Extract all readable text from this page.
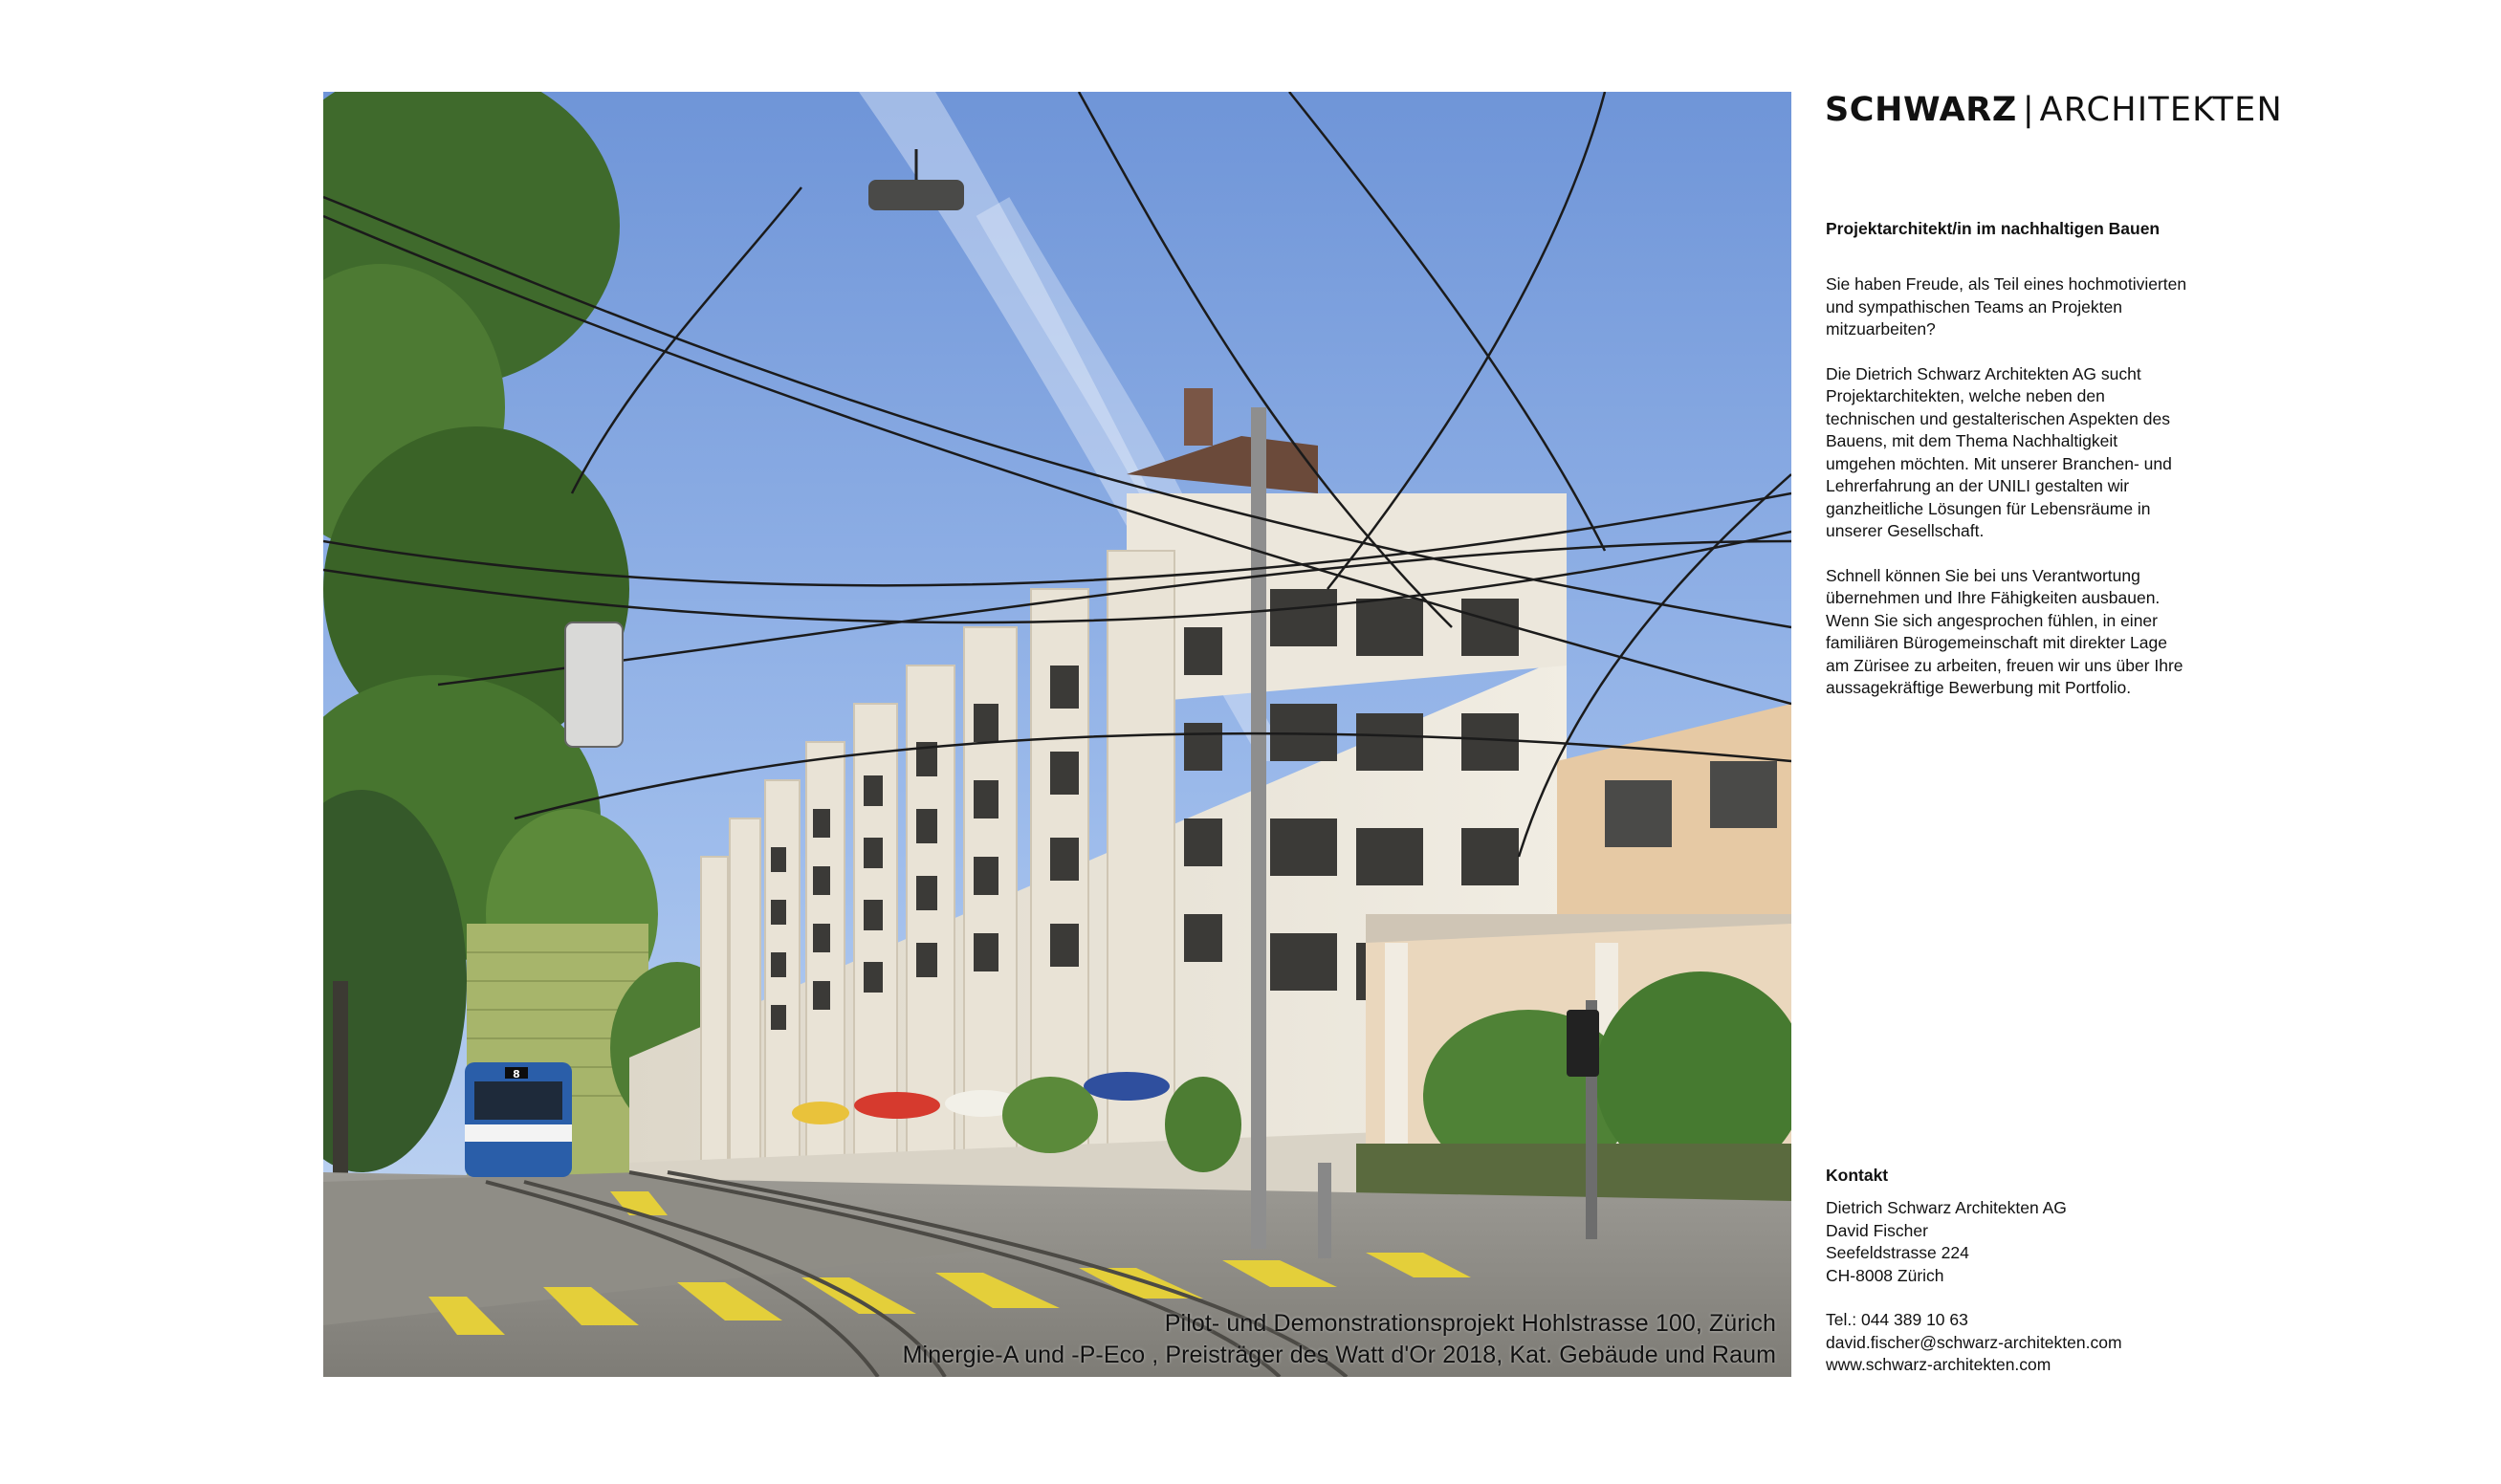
8
Pilot- und Demonstrationsprojekt Hohlstrasse 100, Zürich
Minergie-A und -P-Eco , Preisträger des Watt d'Or 2018, Kat. Gebäude und Raum
SCHWARZ | ARCHITEKTEN
Projektarchitekt/in im nachhaltigen Bauen

Sie haben Freude, als Teil eines hochmotivierten
und sympathischen Teams an Projekten
mitzuarbeiten?

Die Dietrich Schwarz Architekten AG sucht
Projektarchitekten, welche neben den
technischen und gestalterischen Aspekten des
Bauens, mit dem Thema Nachhaltigkeit
umgehen möchten. Mit unserer Branchen- und
Lehrerfahrung an der UNILI gestalten wir
ganzheitliche Lösungen für Lebensräume in
unserer Gesellschaft.

Schnell können Sie bei uns Verantwortung
übernehmen und Ihre Fähigkeiten ausbauen.
Wenn Sie sich angesprochen fühlen, in einer
familiären Bürogemeinschaft mit direkter Lage
am Zürisee zu arbeiten, freuen wir uns über Ihre
aussagekräftige Bewerbung mit Portfolio.

Kontakt
Dietrich Schwarz Architekten AG
David Fischer
Seefeldstrasse 224
CH-8008 Zürich
Tel.: 044 389 10 63
david.fischer@schwarz-architekten.com
www.schwarz-architekten.com
